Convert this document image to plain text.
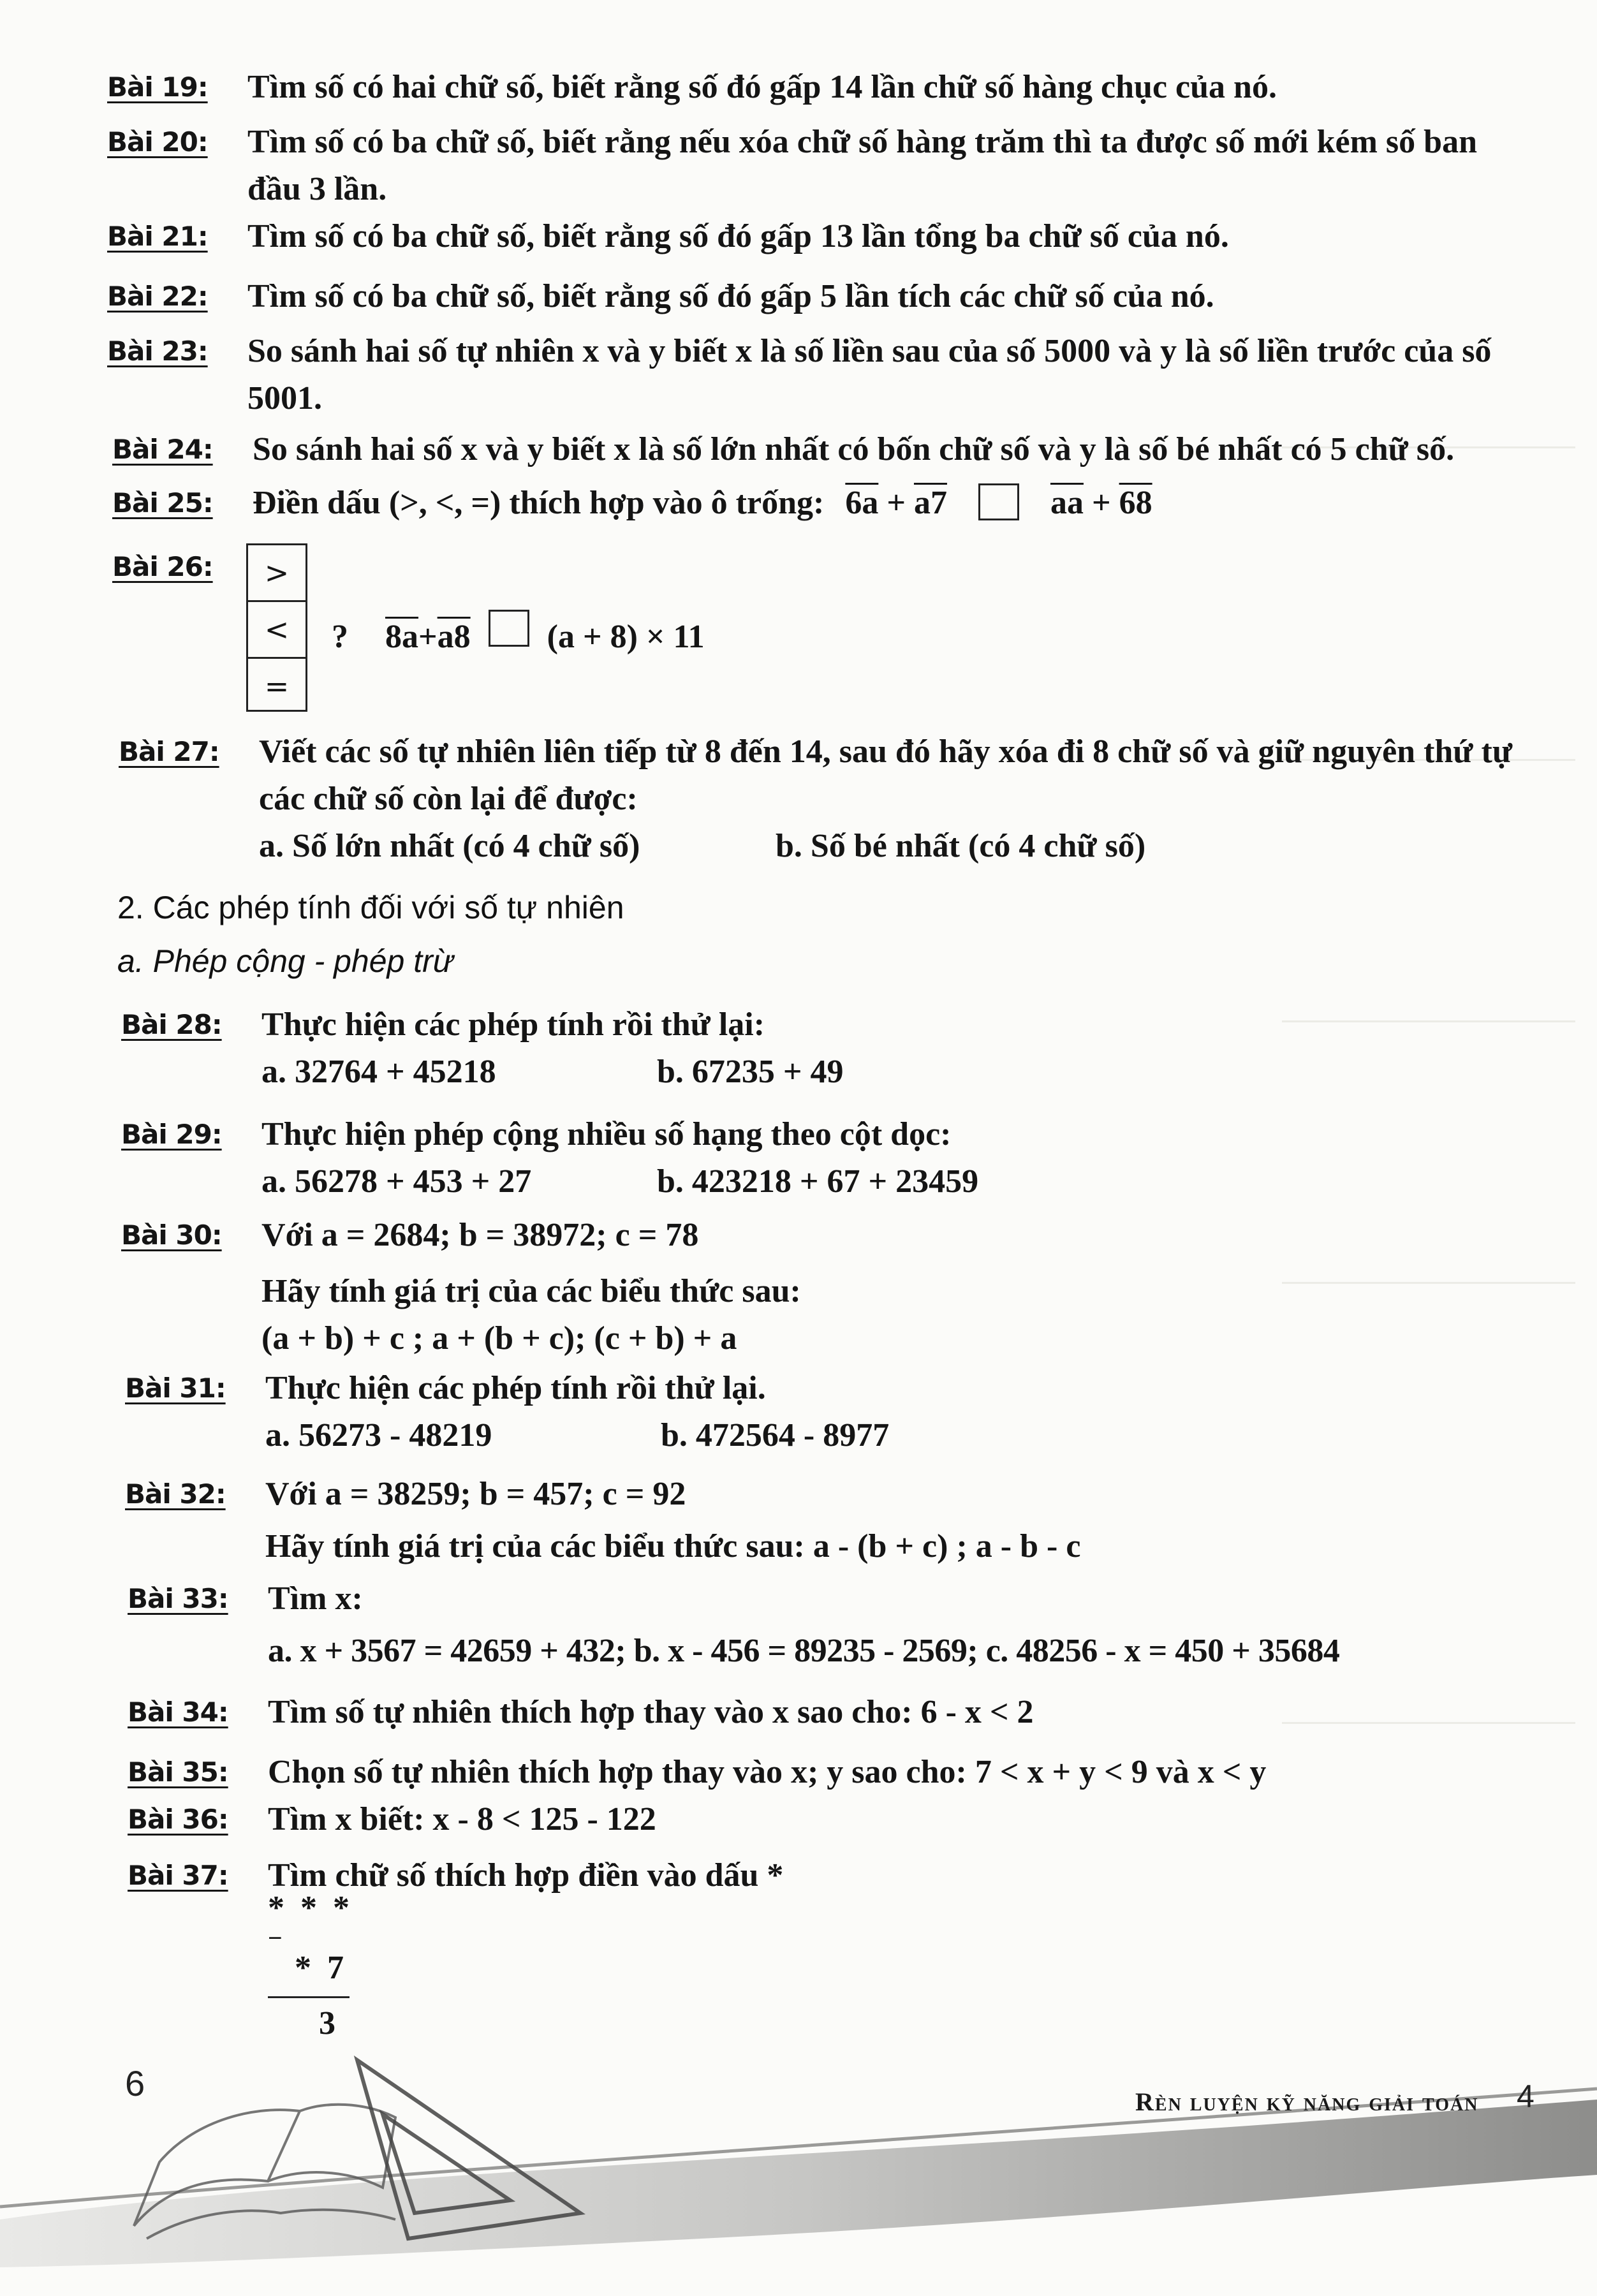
Bài 19:	Tìm số có hai chữ số, biết rằng số đó gấp 14 lần chữ số hàng chục của nó.
Bài 20:	Tìm số có ba chữ số, biết rằng nếu xóa chữ số hàng trăm thì ta được số mới kém số ban đầu 3 lần.
Bài 21:	Tìm số có ba chữ số, biết rằng số đó gấp 13 lần tổng ba chữ số của nó.
Bài 22:	Tìm số có ba chữ số, biết rằng số đó gấp 5 lần tích các chữ số của nó.
Bài 23:	So sánh hai số tự nhiên x và y biết x là số liền sau của số 5000 và y là số liền trước của số 5001.
Bài 24:	So sánh hai số x và y biết x là số lớn nhất có bốn chữ số và y là số bé nhất có 5 chữ số.
Bài 25:	Điền dấu (>, <, =) thích hợp vào ô trống: 6a + a7	$\overline{aa} + 68$
Bài 26:	>
<
=
? 8a + a8 (a + 8) × 11
Bài 27:	Viết các số tự nhiên liên tiếp từ 8 đến 14, sau đó hãy xóa đi 8 chữ số và giữ nguyên thứ tự các chữ số còn lại để được:
a. Số lớn nhất (có 4 chữ số)	b. Số bé nhất (có 4 chữ số)
2. Các phép tính đối với số tự nhiên
a. Phép cộng - phép trừ
Bài 28:	Thực hiện các phép tính rồi thử lại:
a. 32764 + 45218	b. 67235 + 49
Bài 29:	Thực hiện phép cộng nhiều số hạng theo cột dọc:
a. 56278 + 453 + 27	b. 423218 + 67 + 23459
Bài 30:	Với a = 2684; b = 38972; c = 78
Hãy tính giá trị của các biểu thức sau:
(a + b) + c ; a + (b + c); (c + b) + a
Bài 31:	Thực hiện các phép tính rồi thử lại.
a. 56273 - 48219	b. 472564 - 8977
Bài 32:	Với a = 38259; b = 457; c = 92
Hãy tính giá trị của các biểu thức sau: a - (b + c) ; a - b - c
Bài 33:	Tìm x:
a. x + 3567 = 42659 + 432; b. x - 456 = 89235 - 2569; c. 48256 - x = 450 + 35684
Bài 34:	Tìm số tự nhiên thích hợp thay vào x sao cho: 6 - x < 2
Bài 35:	Chọn số tự nhiên thích hợp thay vào x; y sao cho: 7 < x + y < 9 và x < y
Bài 36:	Tìm x biết: x - 8 < 125 - 122
Bài 37:	Tìm chữ số thích hợp điền vào dấu *
* * *
−
* 7
3
6	Rèn luyện kỹ năng giải toán 4
